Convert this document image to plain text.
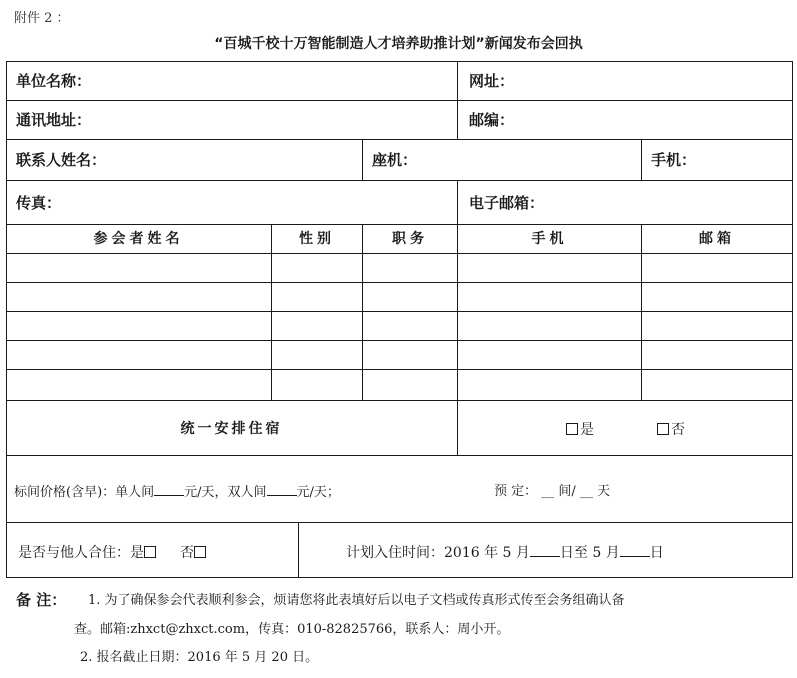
附件 2 ：
“百城千校十万智能制造人才培养助推计划”新闻发布会回执
单位名称：	网址：
通讯地址：	邮编：
联系人姓名：	座机：	手机：
传真：	电子邮箱：
参会者姓名	性别	职务	手机	邮箱
统一安排住宿	是	否
标间价格(含早)：单人间 元/天，双人间 元/天；	预 定： __ 间/ __ 天
是否与他人合住：是	否	计划入住时间：2016 年 5 月 日至 5 月 日
备 注： 1. 为了确保参会代表顺利参会，烦请您将此表填好后以电子文档或传真形式传至会务组确认备
查。邮箱:zhxct@zhxct.com，传真：010-82825766，联系人：周小开。
2. 报名截止日期：2016 年 5 月 20 日。
